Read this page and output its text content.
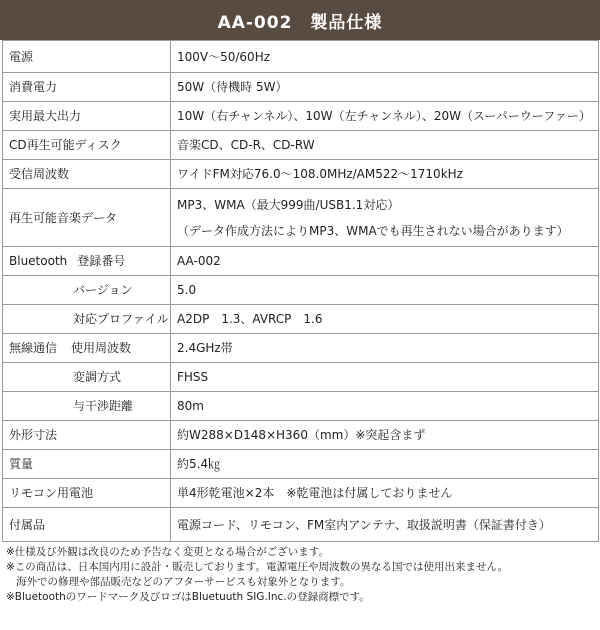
AA-002　製品仕様
電源	100V～50/60Hz
消費電力	50W（待機時 5W）
実用最大出力	10W（右チャンネル）、10W（左チャンネル）、20W（スーパーウーファー）
CD再生可能ディスク	音楽CD、CD-R、CD-RW
受信周波数	ワイドFM対応76.0～108.0MHz/AM522～1710kHz
再生可能音楽データ	MP3、WMA（最大999曲/USB1.1対応）
（データ作成方法によりMP3、WMAでも再生されない場合があります）

Bluetooth 登録番号	AA-002
バージョン	5.0
対応プロファイル	A2DP　1.3、AVRCP　1.6
無線通信 使用周波数	2.4GHz帯
変調方式	FHSS
与干渉距離	80m
外形寸法	約W288×D148×H360（mm）※突起含まず
質量	約5.4㎏
リモコン用電池	単4形乾電池×2本　※乾電池は付属しておりません
付属品	電源コード、リモコン、FM室内アンテナ、取扱説明書（保証書付き）
※仕様及び外観は改良のため予告なく変更となる場合がございます。
※この商品は、日本国内用に設計・販売しております。電源電圧や周波数の異なる国では使用出来ません。
海外での修理や部品販売などのアフターサービスも対象外となります。
※Bluetoothのワードマーク及びロゴはBluetuuth SIG.Inc.の登録商標です。
